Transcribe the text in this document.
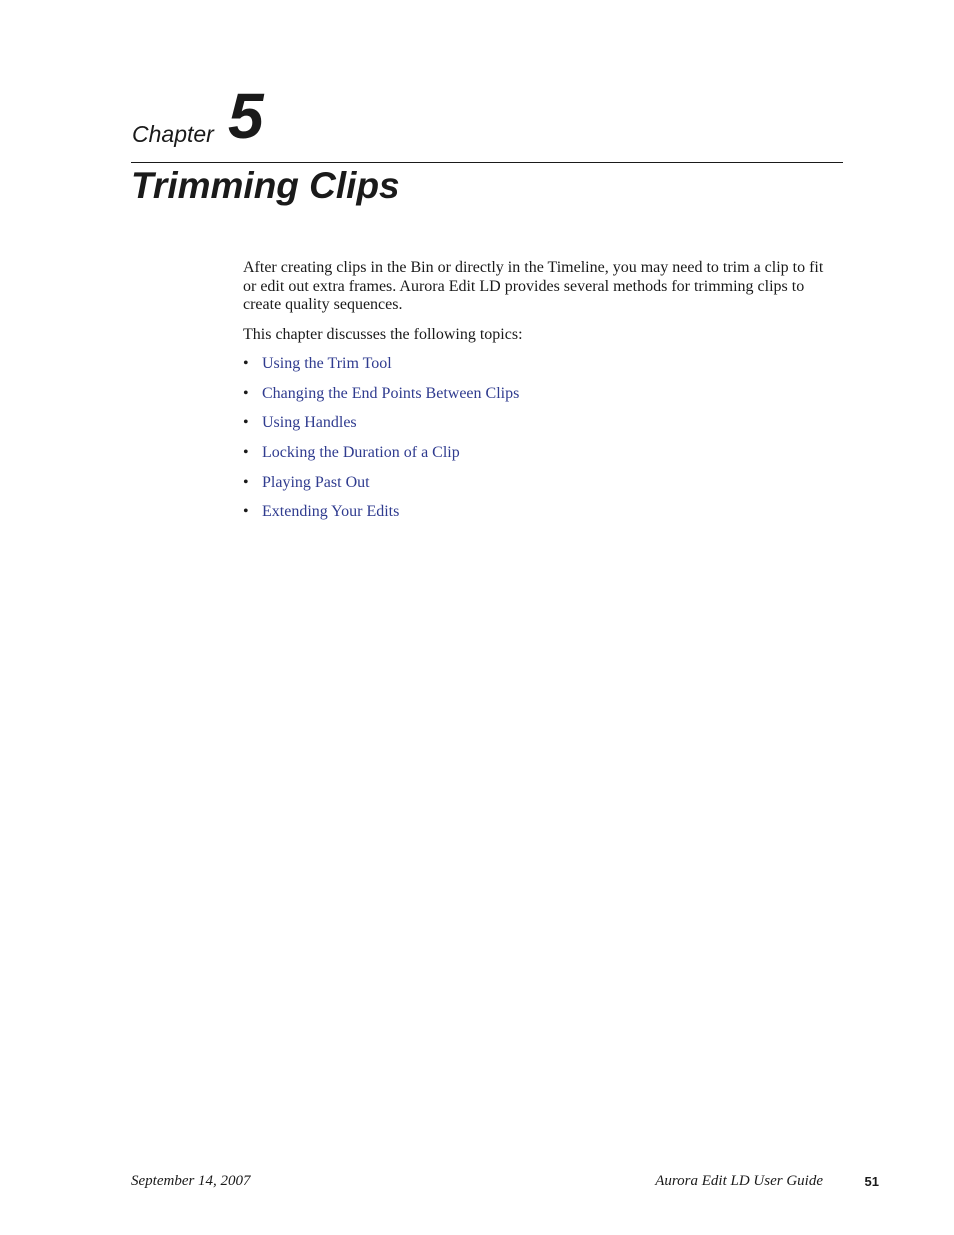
Chapter 5
Trimming Clips

After creating clips in the Bin or directly in the Timeline, you may need to trim a clip to fit or edit out extra frames. Aurora Edit LD provides several methods for trimming clips to create quality sequences.

This chapter discusses the following topics:

• Using the Trim Tool
• Changing the End Points Between Clips
• Using Handles
• Locking the Duration of a Clip
• Playing Past Out
• Extending Your Edits
September 14, 2007	Aurora Edit LD User Guide	51
